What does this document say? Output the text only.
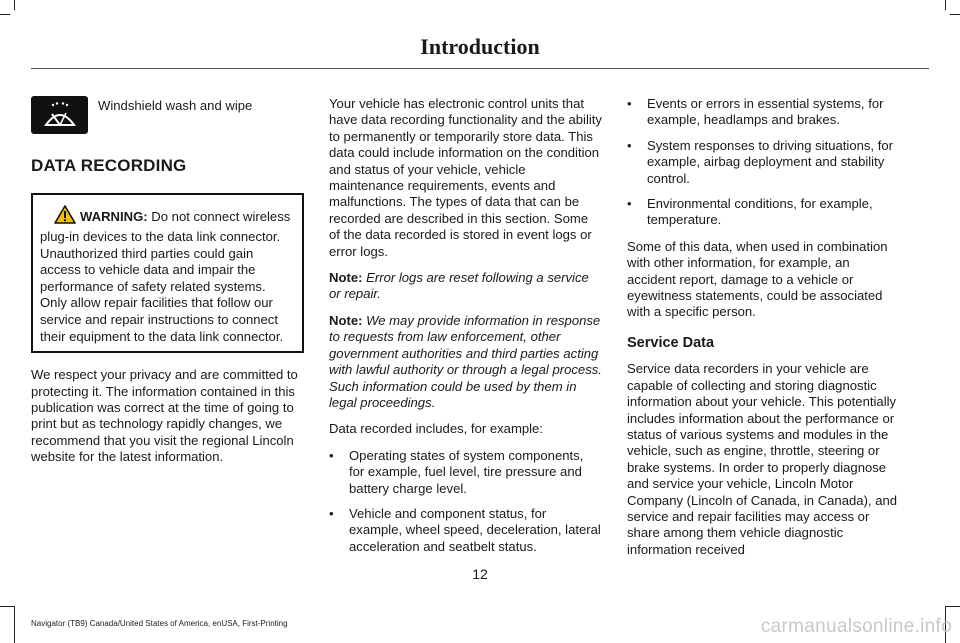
Introduction
Windshield wash and wipe
DATA RECORDING
WARNING: Do not connect wireless plug-in devices to the data link connector. Unauthorized third parties could gain access to vehicle data and impair the performance of safety related systems. Only allow repair facilities that follow our service and repair instructions to connect their equipment to the data link connector.

We respect your privacy and are committed to protecting it. The information contained in this publication was correct at the time of going to print but as technology rapidly changes, we recommend that you visit the regional Lincoln website for the latest information.

Your vehicle has electronic control units that have data recording functionality and the ability to permanently or temporarily store data. This data could include information on the condition and status of your vehicle, vehicle maintenance requirements, events and malfunctions. The types of data that can be recorded are described in this section. Some of the data recorded is stored in event logs or error logs.

Note: Error logs are reset following a service or repair.

Note: We may provide information in response to requests from law enforcement, other government authorities and third parties acting with lawful authority or through a legal process. Such information could be used by them in legal proceedings.

Data recorded includes, for example:

• Operating states of system components, for example, fuel level, tire pressure and battery charge level.
• Vehicle and component status, for example, wheel speed, deceleration, lateral acceleration and seatbelt status.
• Events or errors in essential systems, for example, headlamps and brakes.
• System responses to driving situations, for example, airbag deployment and stability control.
• Environmental conditions, for example, temperature.

Some of this data, when used in combination with other information, for example, an accident report, damage to a vehicle or eyewitness statements, could be associated with a specific person.

Service Data

Service data recorders in your vehicle are capable of collecting and storing diagnostic information about your vehicle. This potentially includes information about the performance or status of various systems and modules in the vehicle, such as engine, throttle, steering or brake systems. In order to properly diagnose and service your vehicle, Lincoln Motor Company (Lincoln of Canada, in Canada), and service and repair facilities may access or share among them vehicle diagnostic information received

12
Navigator (TB9) Canada/United States of America, enUSA, First-Printing	carmanualsonline.info
